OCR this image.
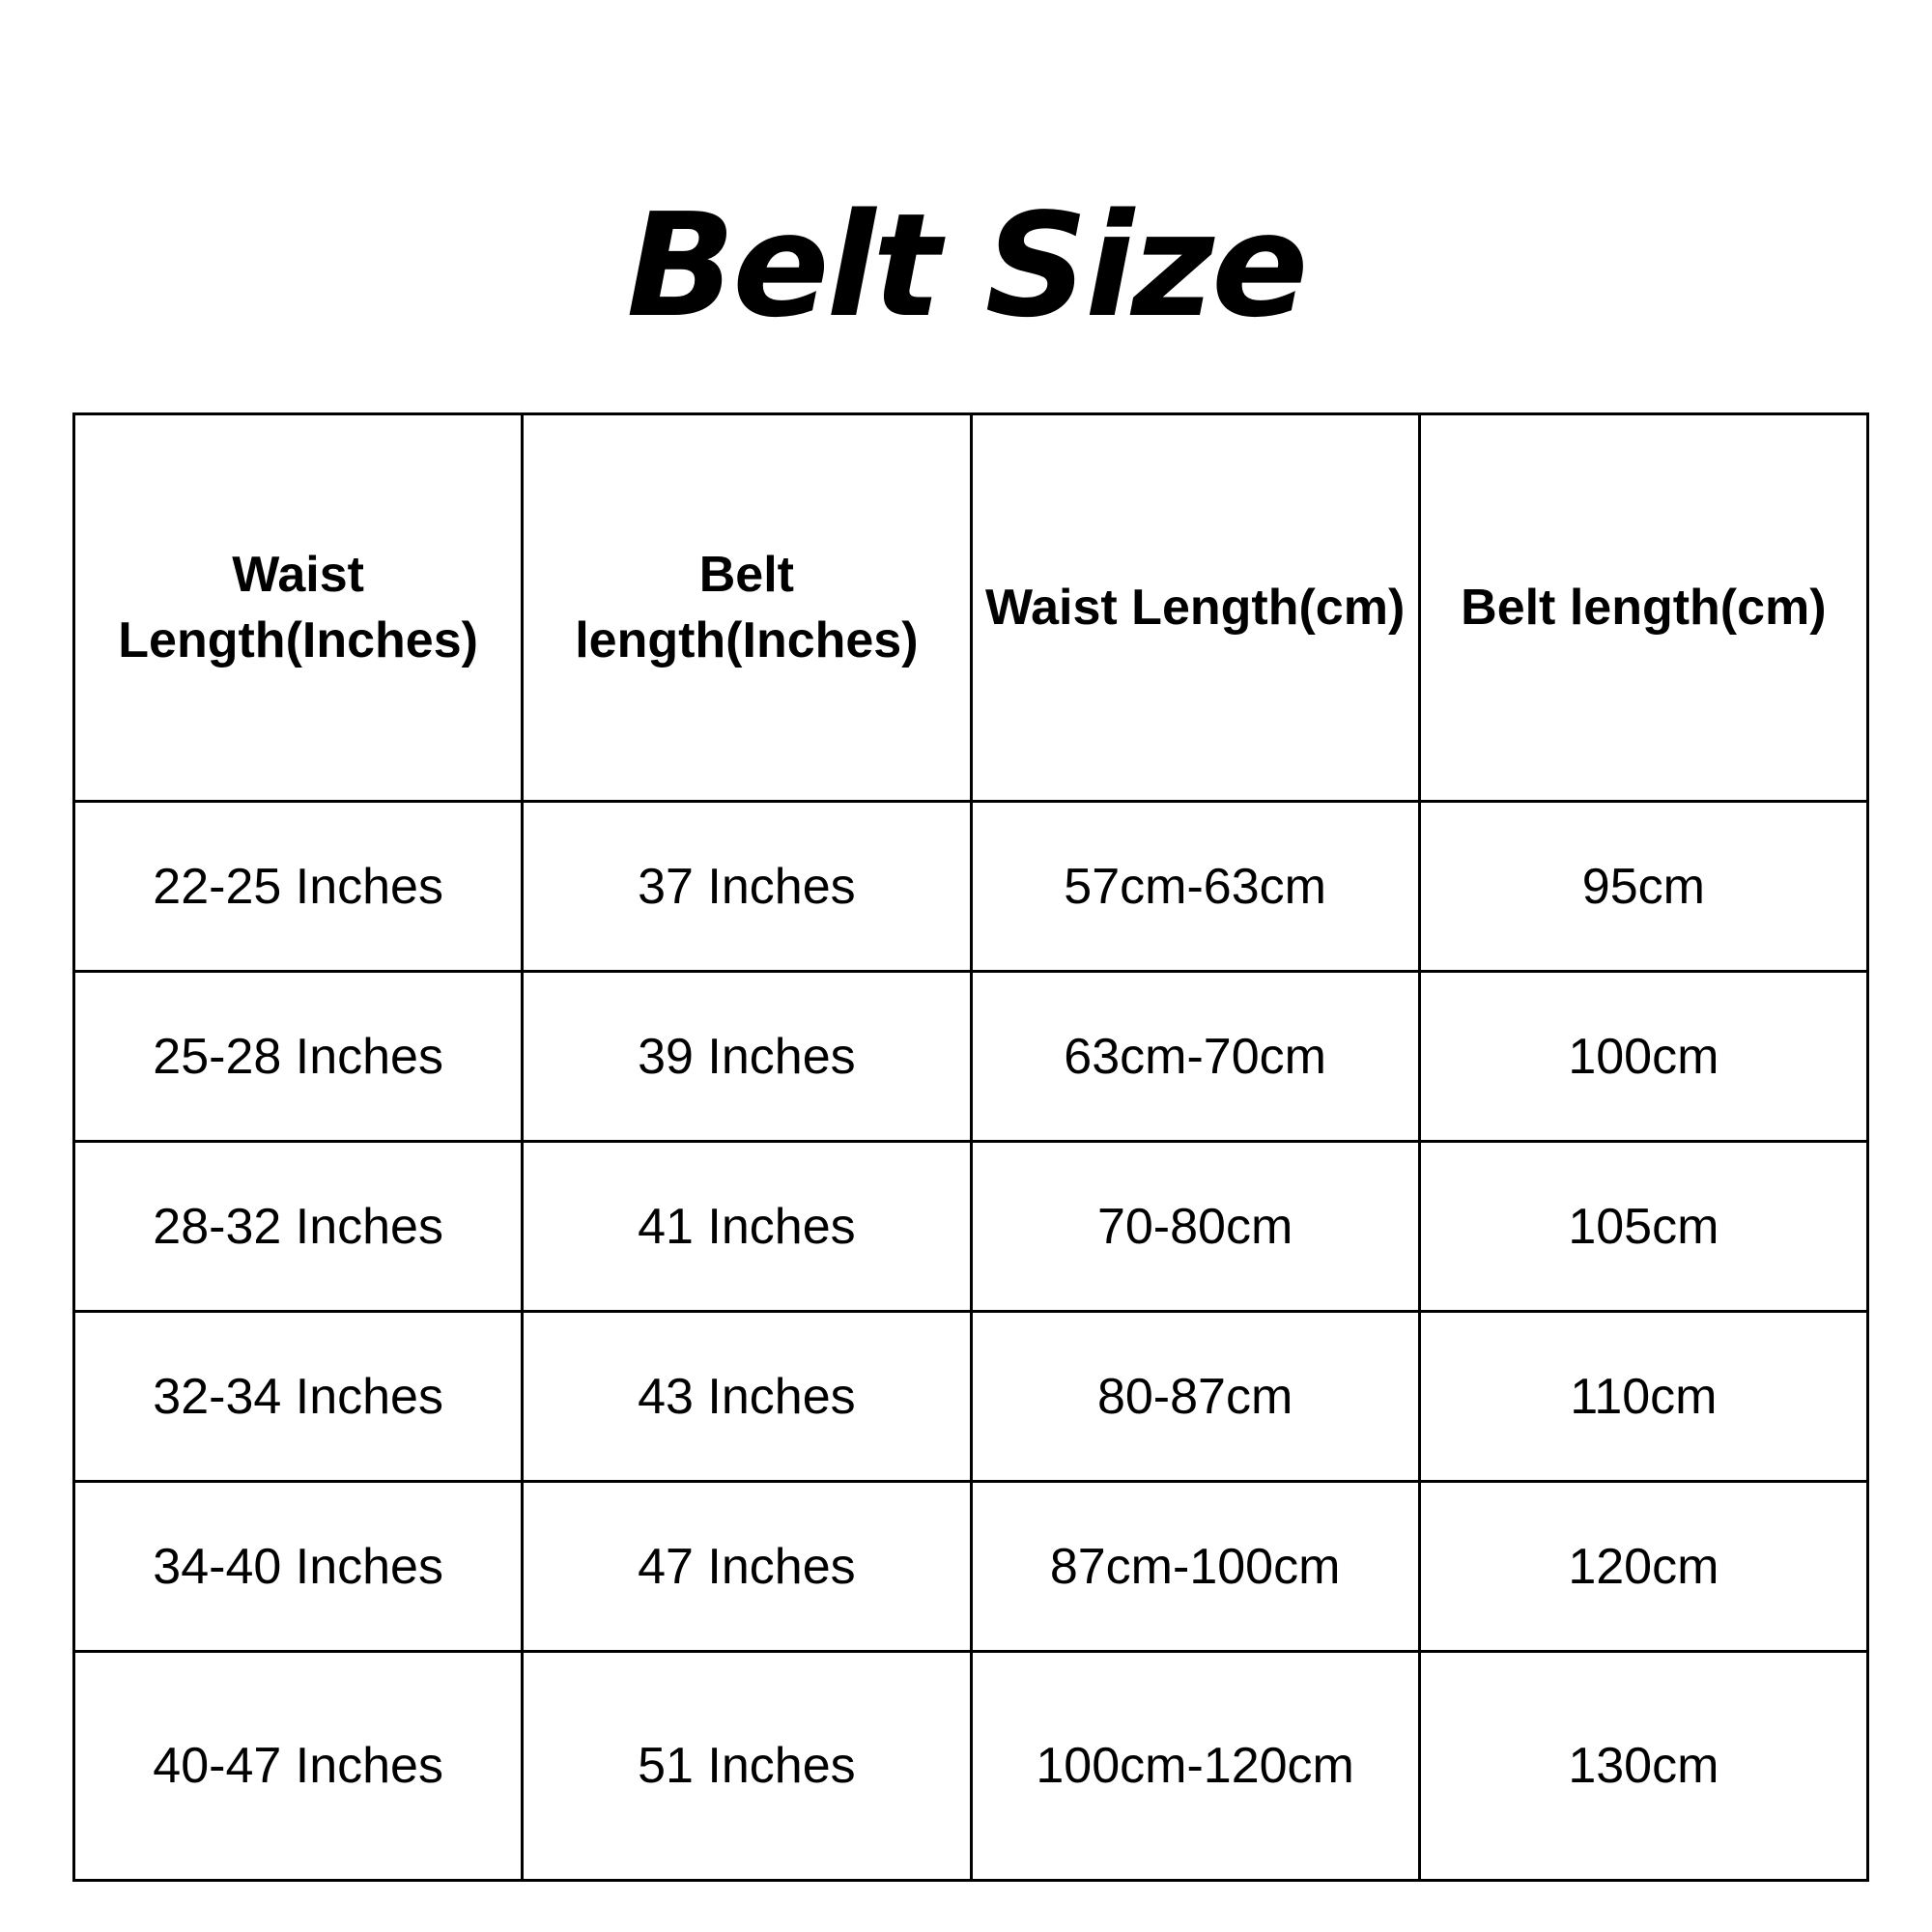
Belt Size
Waist Length(Inches)	Belt length(Inches)	Waist Length(cm)	Belt length(cm)
22-25 Inches	37 Inches	57cm-63cm	95cm
25-28 Inches	39 Inches	63cm-70cm	100cm
28-32 Inches	41 Inches	70-80cm	105cm
32-34 Inches	43 Inches	80-87cm	110cm
34-40 Inches	47 Inches	87cm-100cm	120cm
40-47 Inches	51 Inches	100cm-120cm	130cm
